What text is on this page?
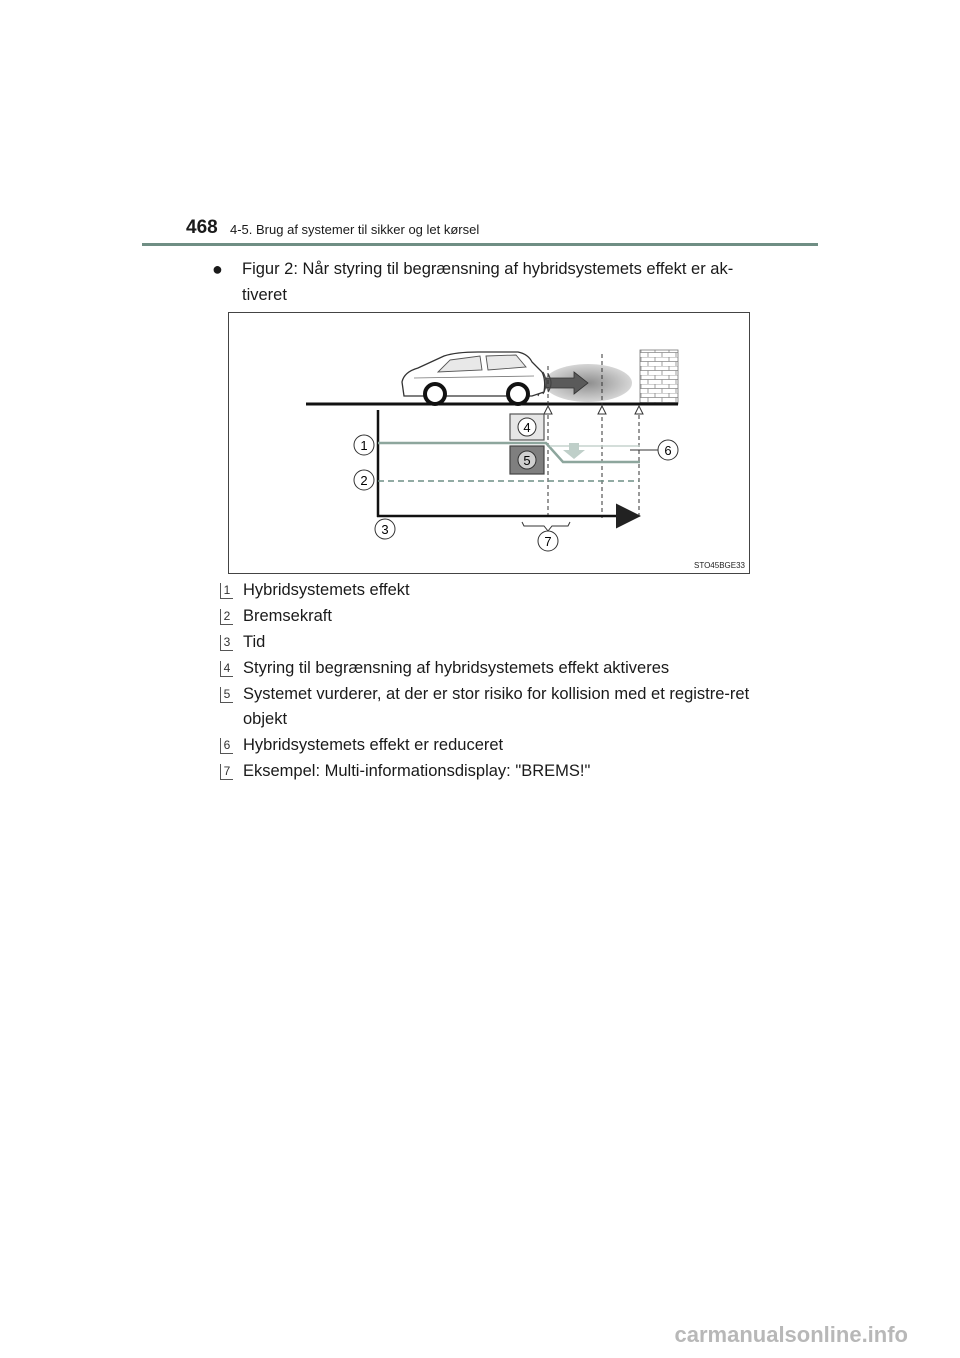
468 4-5. Brug af systemer til sikker og let kørsel
● Figur 2: Når styring til begrænsning af hybridsystemets effekt er ak-tiveret
4
5
1
2
3
6
7
STO45BGE33
1 Hybridsystemets effekt
2 Bremsekraft
3 Tid
4 Styring til begrænsning af hybridsystemets effekt aktiveres
5 Systemet vurderer, at der er stor risiko for kollision med et registre-ret objekt
6 Hybridsystemets effekt er reduceret
7 Eksempel: Multi-informationsdisplay: "BREMS!"
carmanualsonline.info
